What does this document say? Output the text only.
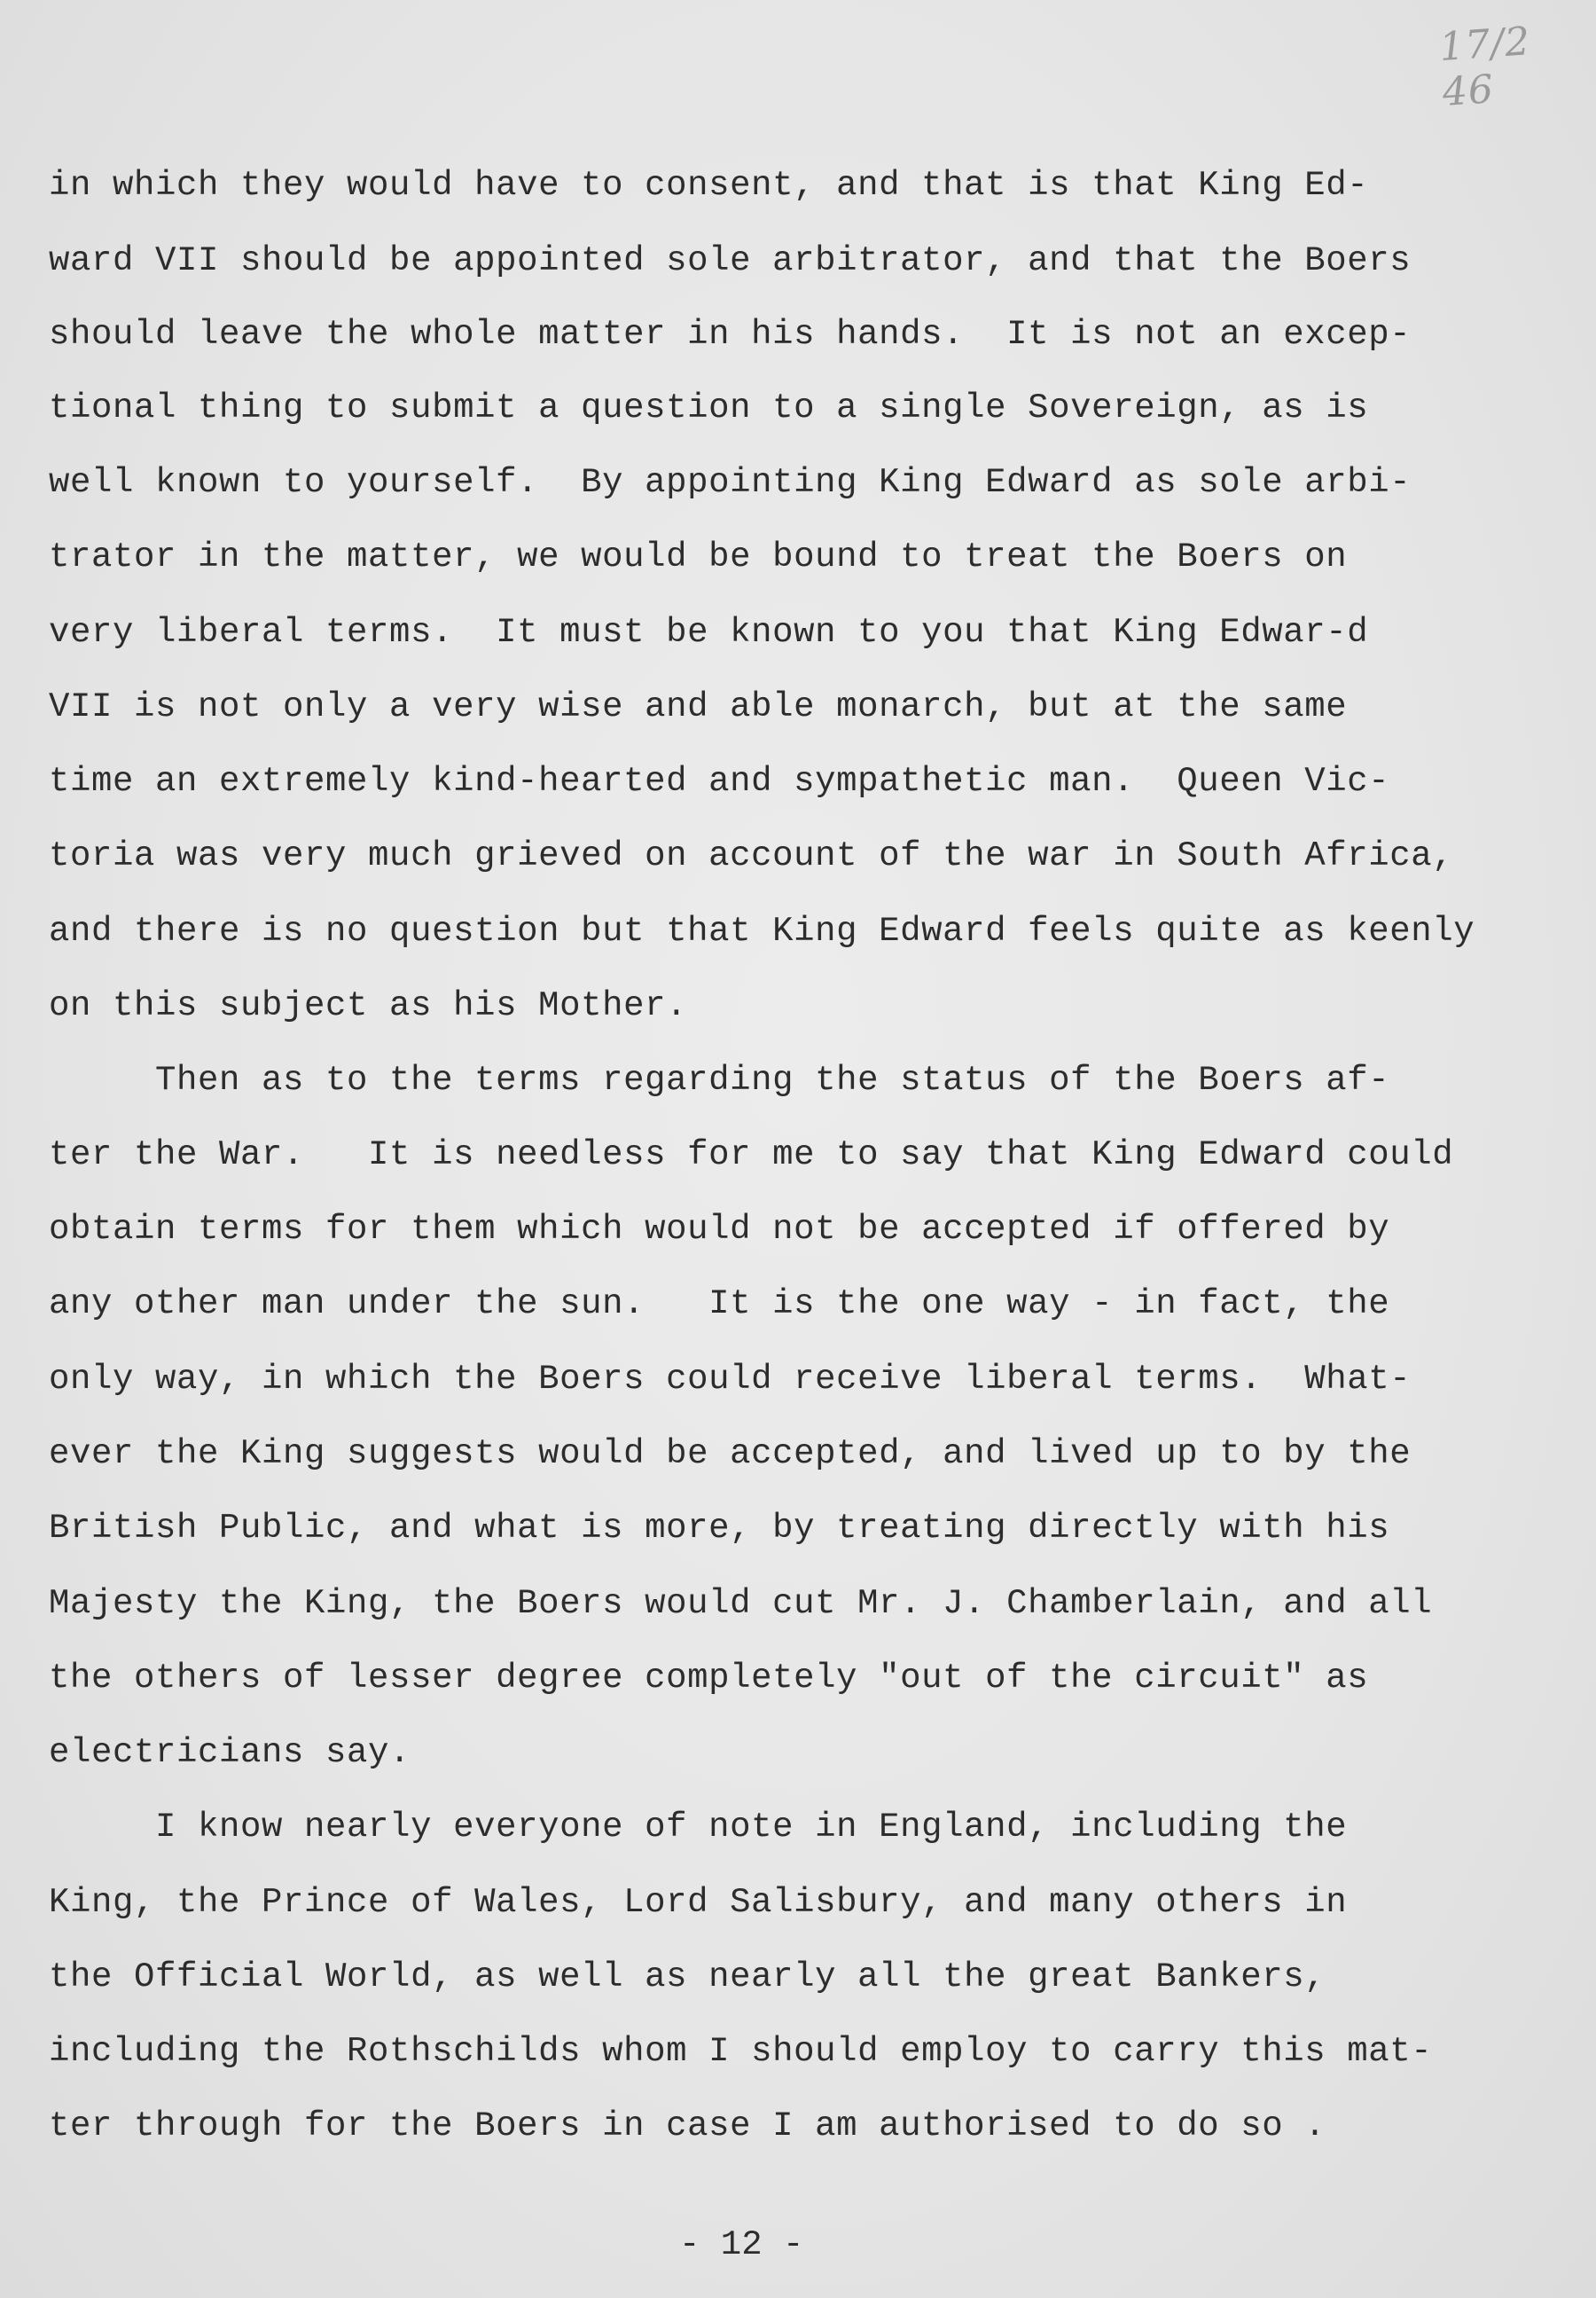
17/2 46
in which they would have to consent, and that is that King Ed-
ward VII should be appointed sole arbitrator, and that the Boers
should leave the whole matter in his hands.  It is not an excep-
tional thing to submit a question to a single Sovereign, as is
well known to yourself.  By appointing King Edward as sole arbi-
trator in the matter, we would be bound to treat the Boers on
very liberal terms.  It must be known to you that King Edwar-d
VII is not only a very wise and able monarch, but at the same
time an extremely kind-hearted and sympathetic man.  Queen Vic-
toria was very much grieved on account of the war in South Africa,
and there is no question but that King Edward feels quite as keenly
on this subject as his Mother.
Then as to the terms regarding the status of the Boers af-
ter the War.   It is needless for me to say that King Edward could
obtain terms for them which would not be accepted if offered by
any other man under the sun.   It is the one way - in fact, the
only way, in which the Boers could receive liberal terms.  What-
ever the King suggests would be accepted, and lived up to by the
British Public, and what is more, by treating directly with his
Majesty the King, the Boers would cut Mr. J. Chamberlain, and all
the others of lesser degree completely "out of the circuit" as
electricians say.
I know nearly everyone of note in England, including the
King, the Prince of Wales, Lord Salisbury, and many others in
the Official World, as well as nearly all the great Bankers,
including the Rothschilds whom I should employ to carry this mat-
ter through for the Boers in case I am authorised to do so .
- 12 -
